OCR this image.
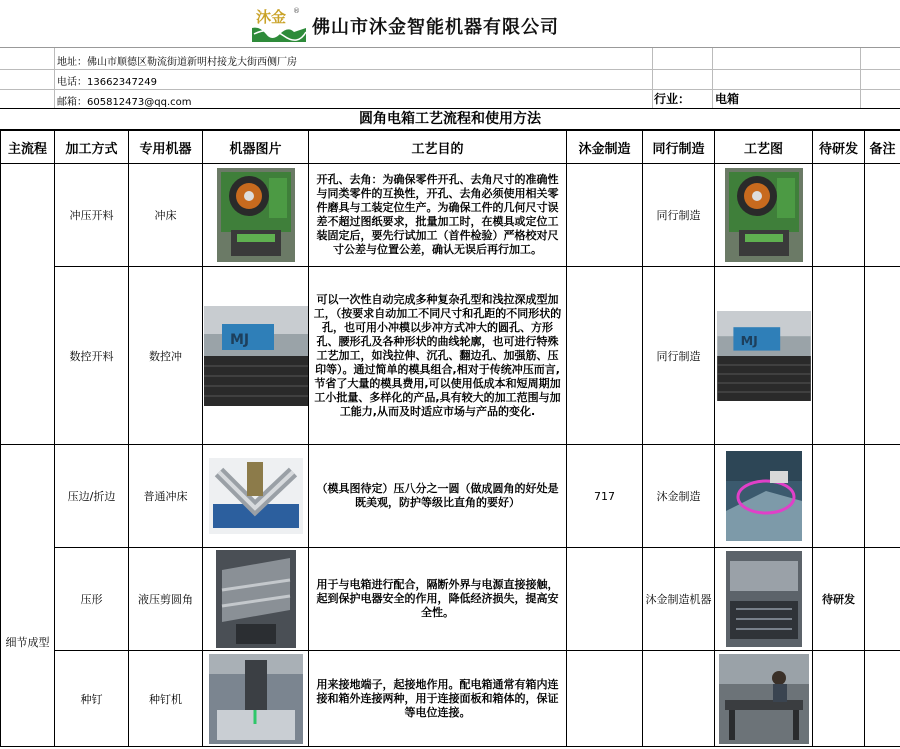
沐金 ®
佛山市沐金智能机器有限公司
地址：佛山市顺德区勒流街道新明村接龙大街西侧厂房
电话：13662347249
邮箱：605812473@qq.com	行业： 电箱
圆角电箱工艺流程和使用方法
主流程	加工方式	专用机器	机器图片	工艺目的	沐金制造	同行制造	工艺图	待研发	备注
	冲压开料	冲床		开孔、去角：为确保零件开孔、去角尺寸的准确性与同类零件的互换性，开孔、去角必须使用相关零件磨具与工装定位生产。为确保工件的几何尺寸误差不超过图纸要求，批量加工时，在模具或定位工装固定后，要先行试加工（首件检验）严格校对尺寸公差与位置公差，确认无误后再行加工。		同行制造	

	数控开料	数控冲	MJ	可以一次性自动完成多种复杂孔型和浅拉深成型加工，（按要求自动加工不同尺寸和孔距的不同形状的孔，也可用小冲模以步冲方式冲大的圆孔、方形孔、腰形孔及各种形状的曲线轮廓，也可进行特殊工艺加工，如浅拉伸、沉孔、翻边孔、加强筋、压印等）。通过简单的模具组合,相对于传统冲压而言,节省了大量的模具费用,可以使用低成本和短周期加工小批量、多样化的产品,具有较大的加工范围与加工能力,从而及时适应市场与产品的变化.		同行制造	MJ		

细节成型	压边/折边	普通冲床		（模具图待定）压八分之一圆（做成圆角的好处是既美观，防护等级比直角的要好）	717	沐金制造	

	压形	液压剪圆角		用于与电箱进行配合，隔断外界与电源直接接触，起到保护电器安全的作用，降低经济损失，提高安全性。		沐金制造机器		待研发	
	种钉	种钉机		用来接地端子，起接地作用。配电箱通常有箱内连接和箱外连接两种，用于连接面板和箱体的，保证等电位连接。			
